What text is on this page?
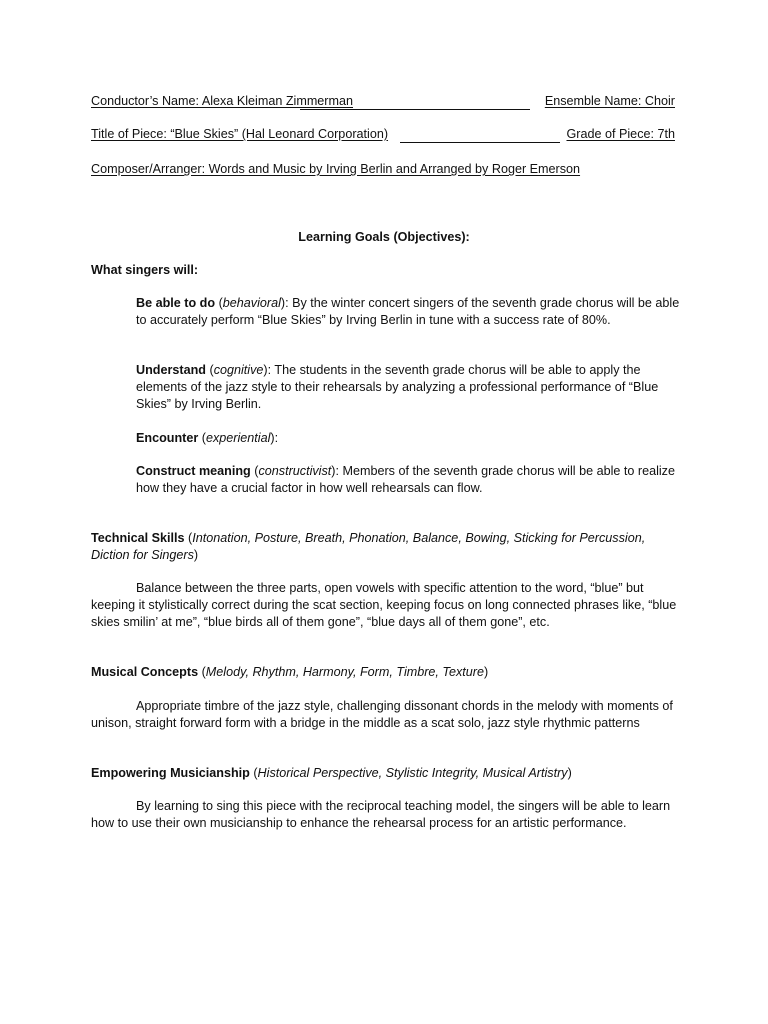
Conductor’s Name: Alexa Kleiman Zimmerman	Ensemble Name: Choir
Title of Piece: “Blue Skies” (Hal Leonard Corporation)	Grade of Piece: 7th
Composer/Arranger: Words and Music by Irving Berlin and Arranged by Roger Emerson
Learning Goals (Objectives):
What singers will:
Be able to do (behavioral): By the winter concert singers of the seventh grade chorus will be able to accurately perform “Blue Skies” by Irving Berlin in tune with a success rate of 80%.
Understand (cognitive): The students in the seventh grade chorus will be able to apply the elements of the jazz style to their rehearsals by analyzing a professional performance of “Blue Skies” by Irving Berlin.
Encounter (experiential):
Construct meaning (constructivist): Members of the seventh grade chorus will be able to realize how they have a crucial factor in how well rehearsals can flow.
Technical Skills (Intonation, Posture, Breath, Phonation, Balance, Bowing, Sticking for Percussion, Diction for Singers)
Balance between the three parts, open vowels with specific attention to the word, “blue” but keeping it stylistically correct during the scat section, keeping focus on long connected phrases like, “blue skies smilin’ at me”, “blue birds all of them gone”, “blue days all of them gone”, etc.
Musical Concepts (Melody, Rhythm, Harmony, Form, Timbre, Texture)
Appropriate timbre of the jazz style, challenging dissonant chords in the melody with moments of unison, straight forward form with a bridge in the middle as a scat solo, jazz style rhythmic patterns
Empowering Musicianship (Historical Perspective, Stylistic Integrity, Musical Artistry)
By learning to sing this piece with the reciprocal teaching model, the singers will be able to learn how to use their own musicianship to enhance the rehearsal process for an artistic performance.
